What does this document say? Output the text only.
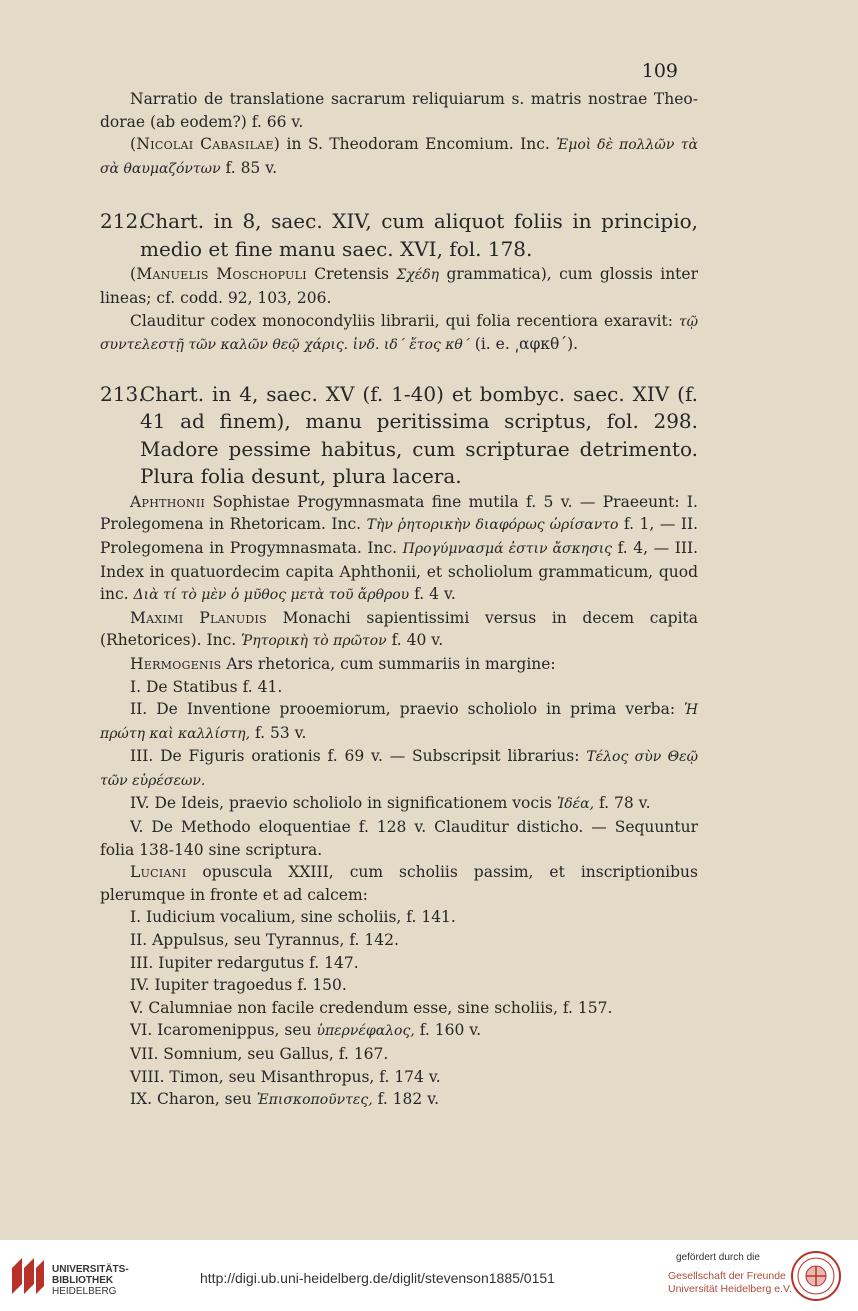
109

Narratio de translatione sacrarum reliquiarum s. matris nostrae Theo- dorae (ab eodem?) f. 66 v.

(Nicolai Cabasilae) in S. Theodoram Encomium. Inc. Ἐμοὶ δὲ πολλῶν τὰ σὰ θαυμαζόντων f. 85 v.

212.Chart. in 8, saec. XIV, cum aliquot foliis in principio, medio et fine manu saec. XVI, fol. 178.

(Manuelis Moschopuli Cretensis Σχέδη grammatica), cum glossis inter lineas; cf. codd. 92, 103, 206.

Clauditur codex monocondyliis librarii, qui folia recentiora exaravit: τῷ συντελεστῇ τῶν καλῶν θεῷ χάρις. ἰνδ. ιδ΄ ἔτος κθ΄ (i. e. ͵αφκθ΄).

213.Chart. in 4, saec. XV (f. 1-40) et bombyc. saec. XIV (f. 41 ad finem), manu peritissima scriptus, fol. 298. Madore pessime habitus, cum scripturae detrimento. Plura folia desunt, plura lacera.

Aphthonii Sophistae Progymnasmata fine mutila f. 5 v. — Praeeunt: I. Prolegomena in Rhetoricam. Inc. Τὴν ῥητορικὴν διαφόρως ὡρίσαντο f. 1, — II. Prolegomena in Progymnasmata. Inc. Προγύμνασμά ἐστιν ἄσκησις f. 4, — III. Index in quatuordecim capita Aphthonii, et scholiolum grammaticum, quod inc. Διὰ τί τὸ μὲν ὁ μῦθος μετὰ τοῦ ἄρθρου f. 4 v.

Maximi Planudis Monachi sapientissimi versus in decem capita (Rhetorices). Inc. Ῥητορικὴ τὸ πρῶτον f. 40 v.

Hermogenis Ars rhetorica, cum summariis in margine:

I. De Statibus f. 41.

II. De Inventione prooemiorum, praevio scholiolo in prima verba: Ἡ πρώτη καὶ καλλίστη, f. 53 v.

III. De Figuris orationis f. 69 v. — Subscripsit librarius: Τέλος σὺν Θεῷ τῶν εὑρέσεων.

IV. De Ideis, praevio scholiolo in significationem vocis Ἰδέα, f. 78 v.

V. De Methodo eloquentiae f. 128 v. Clauditur disticho. — Sequuntur folia 138-140 sine scriptura.

Luciani opuscula XXIII, cum scholiis passim, et inscriptionibus plerumque in fronte et ad calcem:

I. Iudicium vocalium, sine scholiis, f. 141.

II. Appulsus, seu Tyrannus, f. 142.

III. Iupiter redargutus f. 147.

IV. Iupiter tragoedus f. 150.

V. Calumniae non facile credendum esse, sine scholiis, f. 157.

VI. Icaromenippus, seu ὑπερνέφαλος, f. 160 v.

VII. Somnium, seu Gallus, f. 167.

VIII. Timon, seu Misanthropus, f. 174 v.

IX. Charon, seu Ἐπισκοποῦντες, f. 182 v.

UNIVERSITÄTS-
BIBLIOTHEK
HEIDELBERG
http://digi.ub.uni-heidelberg.de/diglit/stevenson1885/0151
gefördert durch die
Gesellschaft der Freunde
Universität Heidelberg e.V.
